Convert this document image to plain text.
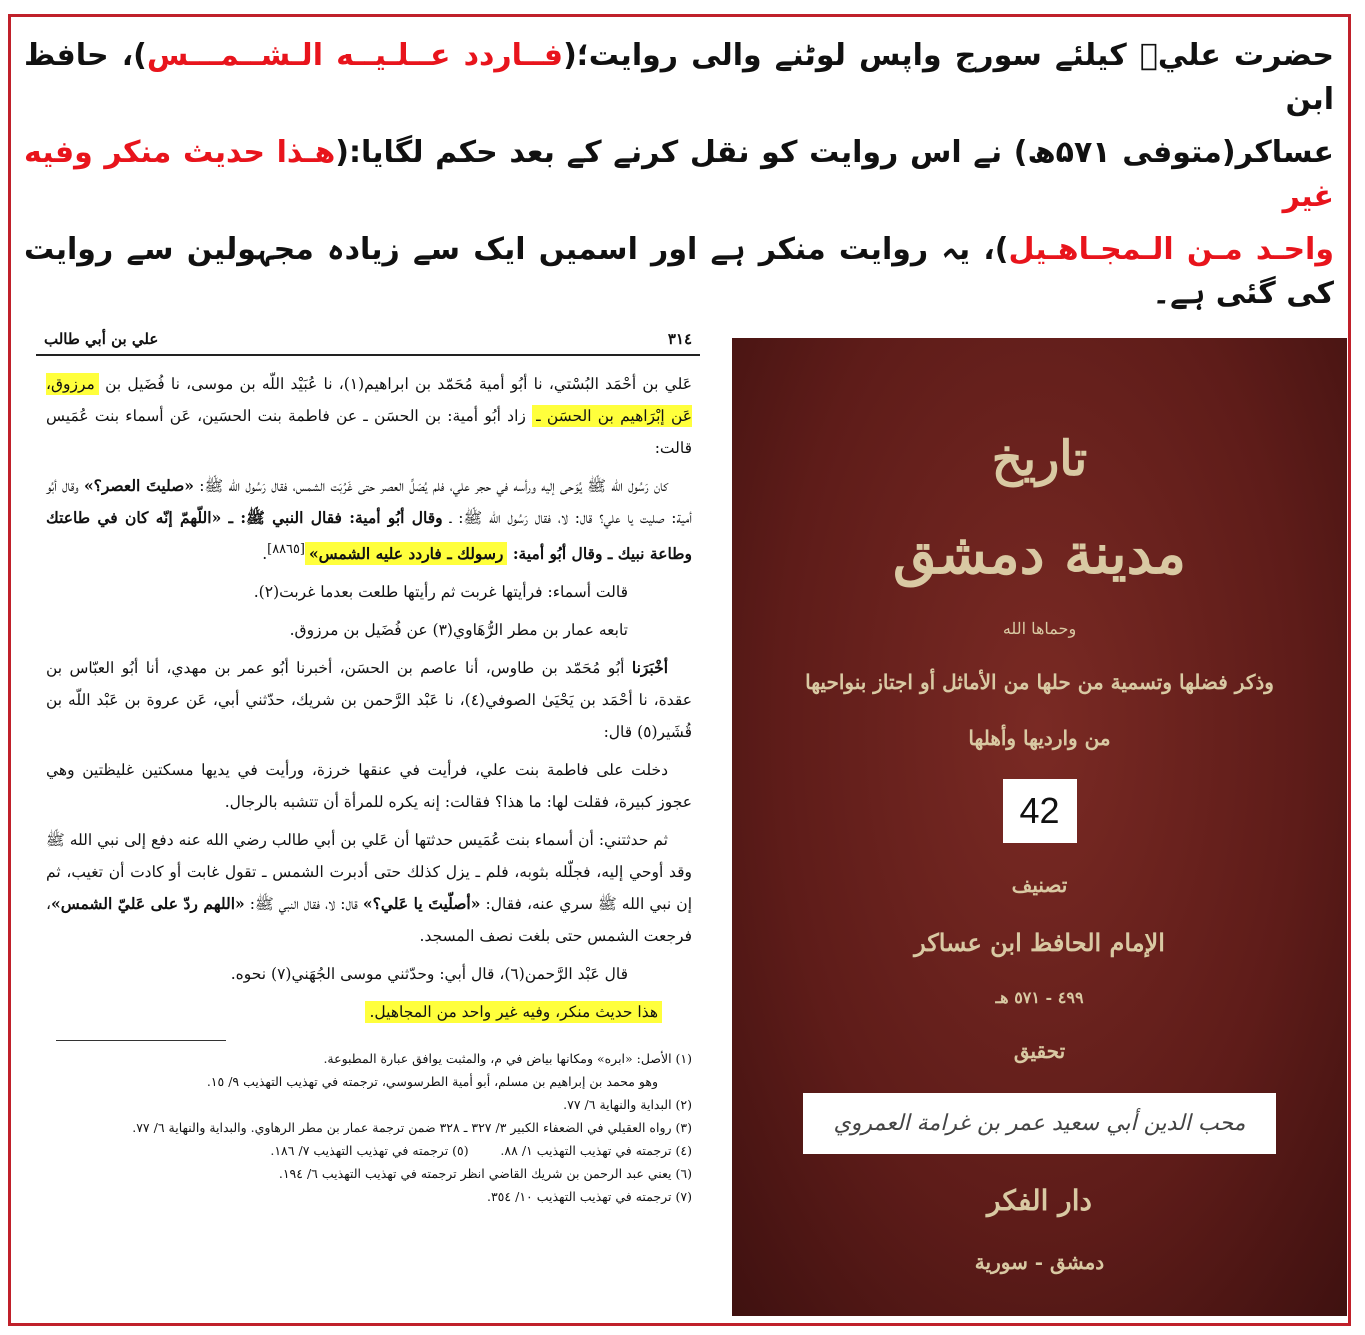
حضرت عليؓ کيلئے سورج واپس لوٹنے والی روایت؛(فــاردد عــلـيــه الـشــمـــس)، حافظ ابن
عساکر(متوفی ۵۷۱ھ) نے اس روایت کو نقل کرنے کے بعد حکم لگایا:(هـذا حديث منكر وفيه غير
واحـد مـن الـمجـاهـيل)، یہ روایت منکر ہے اور اسمیں ایک سے زیادہ مجہولین سے روایت کی گئی ہے۔
٣١٤
علي بن أبي طالب
عَلي بن أحْمَد البُسْتي، نا أبُو أمية مُحَمّد بن ابراهيم(١)، نا عُبَيْد اللّه بن موسى، نا فُضَيل بن مرزوق، عَن إبْرَاهيم بن الحسَن ـ زاد أبُو أمية: بن الحسَن ـ عن فاطمة بنت الحسَين، عَن أسماء بنت عُمَيس قالت:
كان رَسُول الله ﷺ يُوَحى إليه ورأسه في حجر علي، فلم يُصَلِّ العصر حتى غَرُبَت الشمس، فقال رَسُول الله ﷺ: «صليتَ العصر؟» وقال أبُو أمية: صليت يا علي؟ قال: لا، فقال رَسُول الله ﷺ: ـ وقال أبُو أمية: فقال النبي ﷺ: ـ «اللّهمّ إنّه كان في طاعتك وطاعة نبيك ـ وقال أبُو أمية: رسولك ـ فاردد عليه الشمس»[٨٨٦٥].
قالت أسماء: فرأيتها غربت ثم رأيتها طلعت بعدما غربت(٢).
تابعه عمار بن مطر الرُّهَاوي(٣) عن فُضَيل بن مرزوق.
أخْبَرَنا أبُو مُحَمّد بن طاوس، أنا عاصم بن الحسَن، أخبرنا أبُو عمر بن مهدي، أنا أبُو العبّاس بن عقدة، نا أحْمَد بن يَحْيَىٰ الصوفي(٤)، نا عَبْد الرَّحمن بن شريك، حدّثني أبي، عَن عروة بن عَبْد اللّه بن قُشَير(٥) قال:
دخلت على فاطمة بنت علي، فرأيت في عنقها خرزة، ورأيت في يديها مسكتين غليظتين وهي عجوز كبيرة، فقلت لها: ما هذا؟ فقالت: إنه يكره للمرأة أن تتشبه بالرجال.
ثم حدثتني: أن أسماء بنت عُمَيس حدثتها أن عَلي بن أبي طالب رضي الله عنه دفع إلى نبي الله ﷺ وقد أوحي إليه، فجلّله بثوبه، فلم ـ يزل كذلك حتى أدبرت الشمس ـ تقول غابت أو كادت أن تغيب، ثم إن نبي الله ﷺ سري عنه، فقال: «أصلّيتَ يا عَلي؟» قال: لا، فقال النبي ﷺ: «اللهم ردّ على عَليّ الشمس»، فرجعت الشمس حتى بلغت نصف المسجد.
قال عَبْد الرَّحمن(٦)، قال أبي: وحدّثني موسى الجُهَني(٧) نحوه.
هذا حديث منكر، وفيه غير واحد من المجاهيل.
(١) الأصل: «ابره» ومكانها بياض في م، والمثبت يوافق عبارة المطبوعة.
وهو محمد بن إبراهيم بن مسلم، أبو أمية الطرسوسي، ترجمته في تهذيب التهذيب ٩/ ١٥.
(٢) البداية والنهاية ٦/ ٧٧.
(٣) رواه العقيلي في الضعفاء الكبير ٣/ ٣٢٧ ـ ٣٢٨ ضمن ترجمة عمار بن مطر الرهاوي. والبداية والنهاية ٦/ ٧٧.
(٤) ترجمته في تهذيب التهذيب ١/ ٨٨.        (٥) ترجمته في تهذيب التهذيب ٧/ ١٨٦.
(٦) يعني عبد الرحمن بن شريك القاضي انظر ترجمته في تهذيب التهذيب ٦/ ١٩٤.
(٧) ترجمته في تهذيب التهذيب ١٠/ ٣٥٤.
تاريخ
مدينة دمشق
وحماها الله
وذكر فضلها وتسمية من حلها من الأماثل أو اجتاز بنواحيها
من وارديها وأهلها
42
تصنيف
الإمام الحافظ ابن عساكر
٤٩٩ - ٥٧١ هـ
تحقيق
محب الدين أبي سعيد عمر بن غرامة العمروي
دار الفكر
دمشق - سورية
